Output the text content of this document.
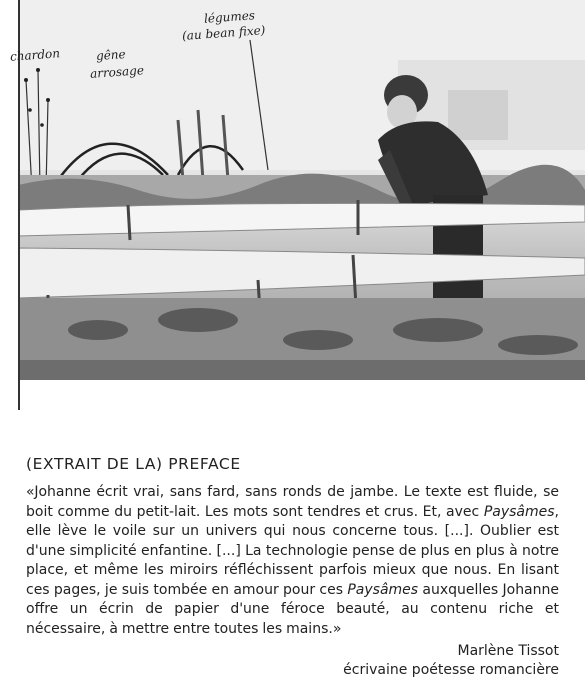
chardon	gêne
arrosage
légumes
(au bean fixe)
(EXTRAIT DE LA) PREFACE
«Johanne écrit vrai, sans fard, sans ronds de jambe. Le texte est fluide, se boit comme du petit-lait. Les mots sont tendres et crus. Et, avec Paysâmes, elle lève le voile sur un univers qui nous concerne tous. [...]. Oublier est d'une simplicité enfantine. [...] La technologie pense de plus en plus à notre place, et même les miroirs réfléchissent parfois mieux que nous. En lisant ces pages, je suis tombée en amour pour ces Paysâmes auxquelles Johanne offre un écrin de papier d'une féroce beauté, au contenu riche et nécessaire, à mettre entre toutes les mains.»
Marlène Tissot
écrivaine poétesse romancière
